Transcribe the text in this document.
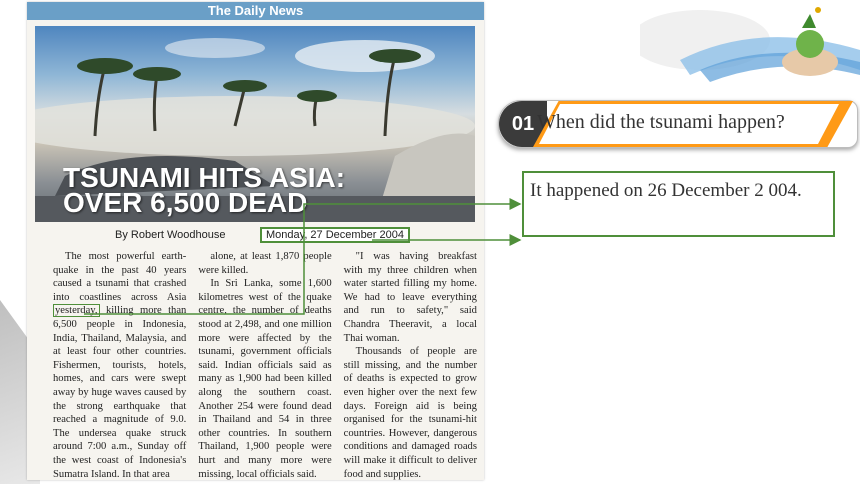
The Daily News
TSUNAMI HITS ASIA:
OVER 6,500 DEAD
By Robert Woodhouse	Monday, 27 December 2004

The most powerful earth-quake in the past 40 years caused a tsunami that crashed into coastlines across Asia yesterday, killing more than 6,500 people in Indonesia, India, Thailand, Malaysia, and at least four other countries. Fishermen, tourists, hotels, homes, and cars were swept away by huge waves caused by the strong earthquake that reached a magnitude of 9.0. The undersea quake struck around 7:00 a.m., Sunday off the west coast of Indonesia's Sumatra Island. In that area

alone, at least 1,870 people were killed.

In Sri Lanka, some 1,600 kilometres west of the quake centre, the number of deaths stood at 2,498, and one million more were affected by the tsunami, government officials said. Indian officials said as many as 1,900 had been killed along the southern coast. Another 254 were found dead in Thailand and 54 in three other countries. In southern Thailand, 1,900 people were hurt and many more were missing, local officials said.

"I was having breakfast with my three children when water started filling my home. We had to leave everything and run to safety," said Chandra Theeravit, a local Thai woman.

Thousands of people are still missing, and the number of deaths is expected to grow even higher over the next few days. Foreign aid is being organised for the tsunami-hit countries. However, dangerous conditions and damaged roads will make it difficult to deliver food and supplies.

01 When did the tsunami happen?
It happened on 26 December 2 004.
